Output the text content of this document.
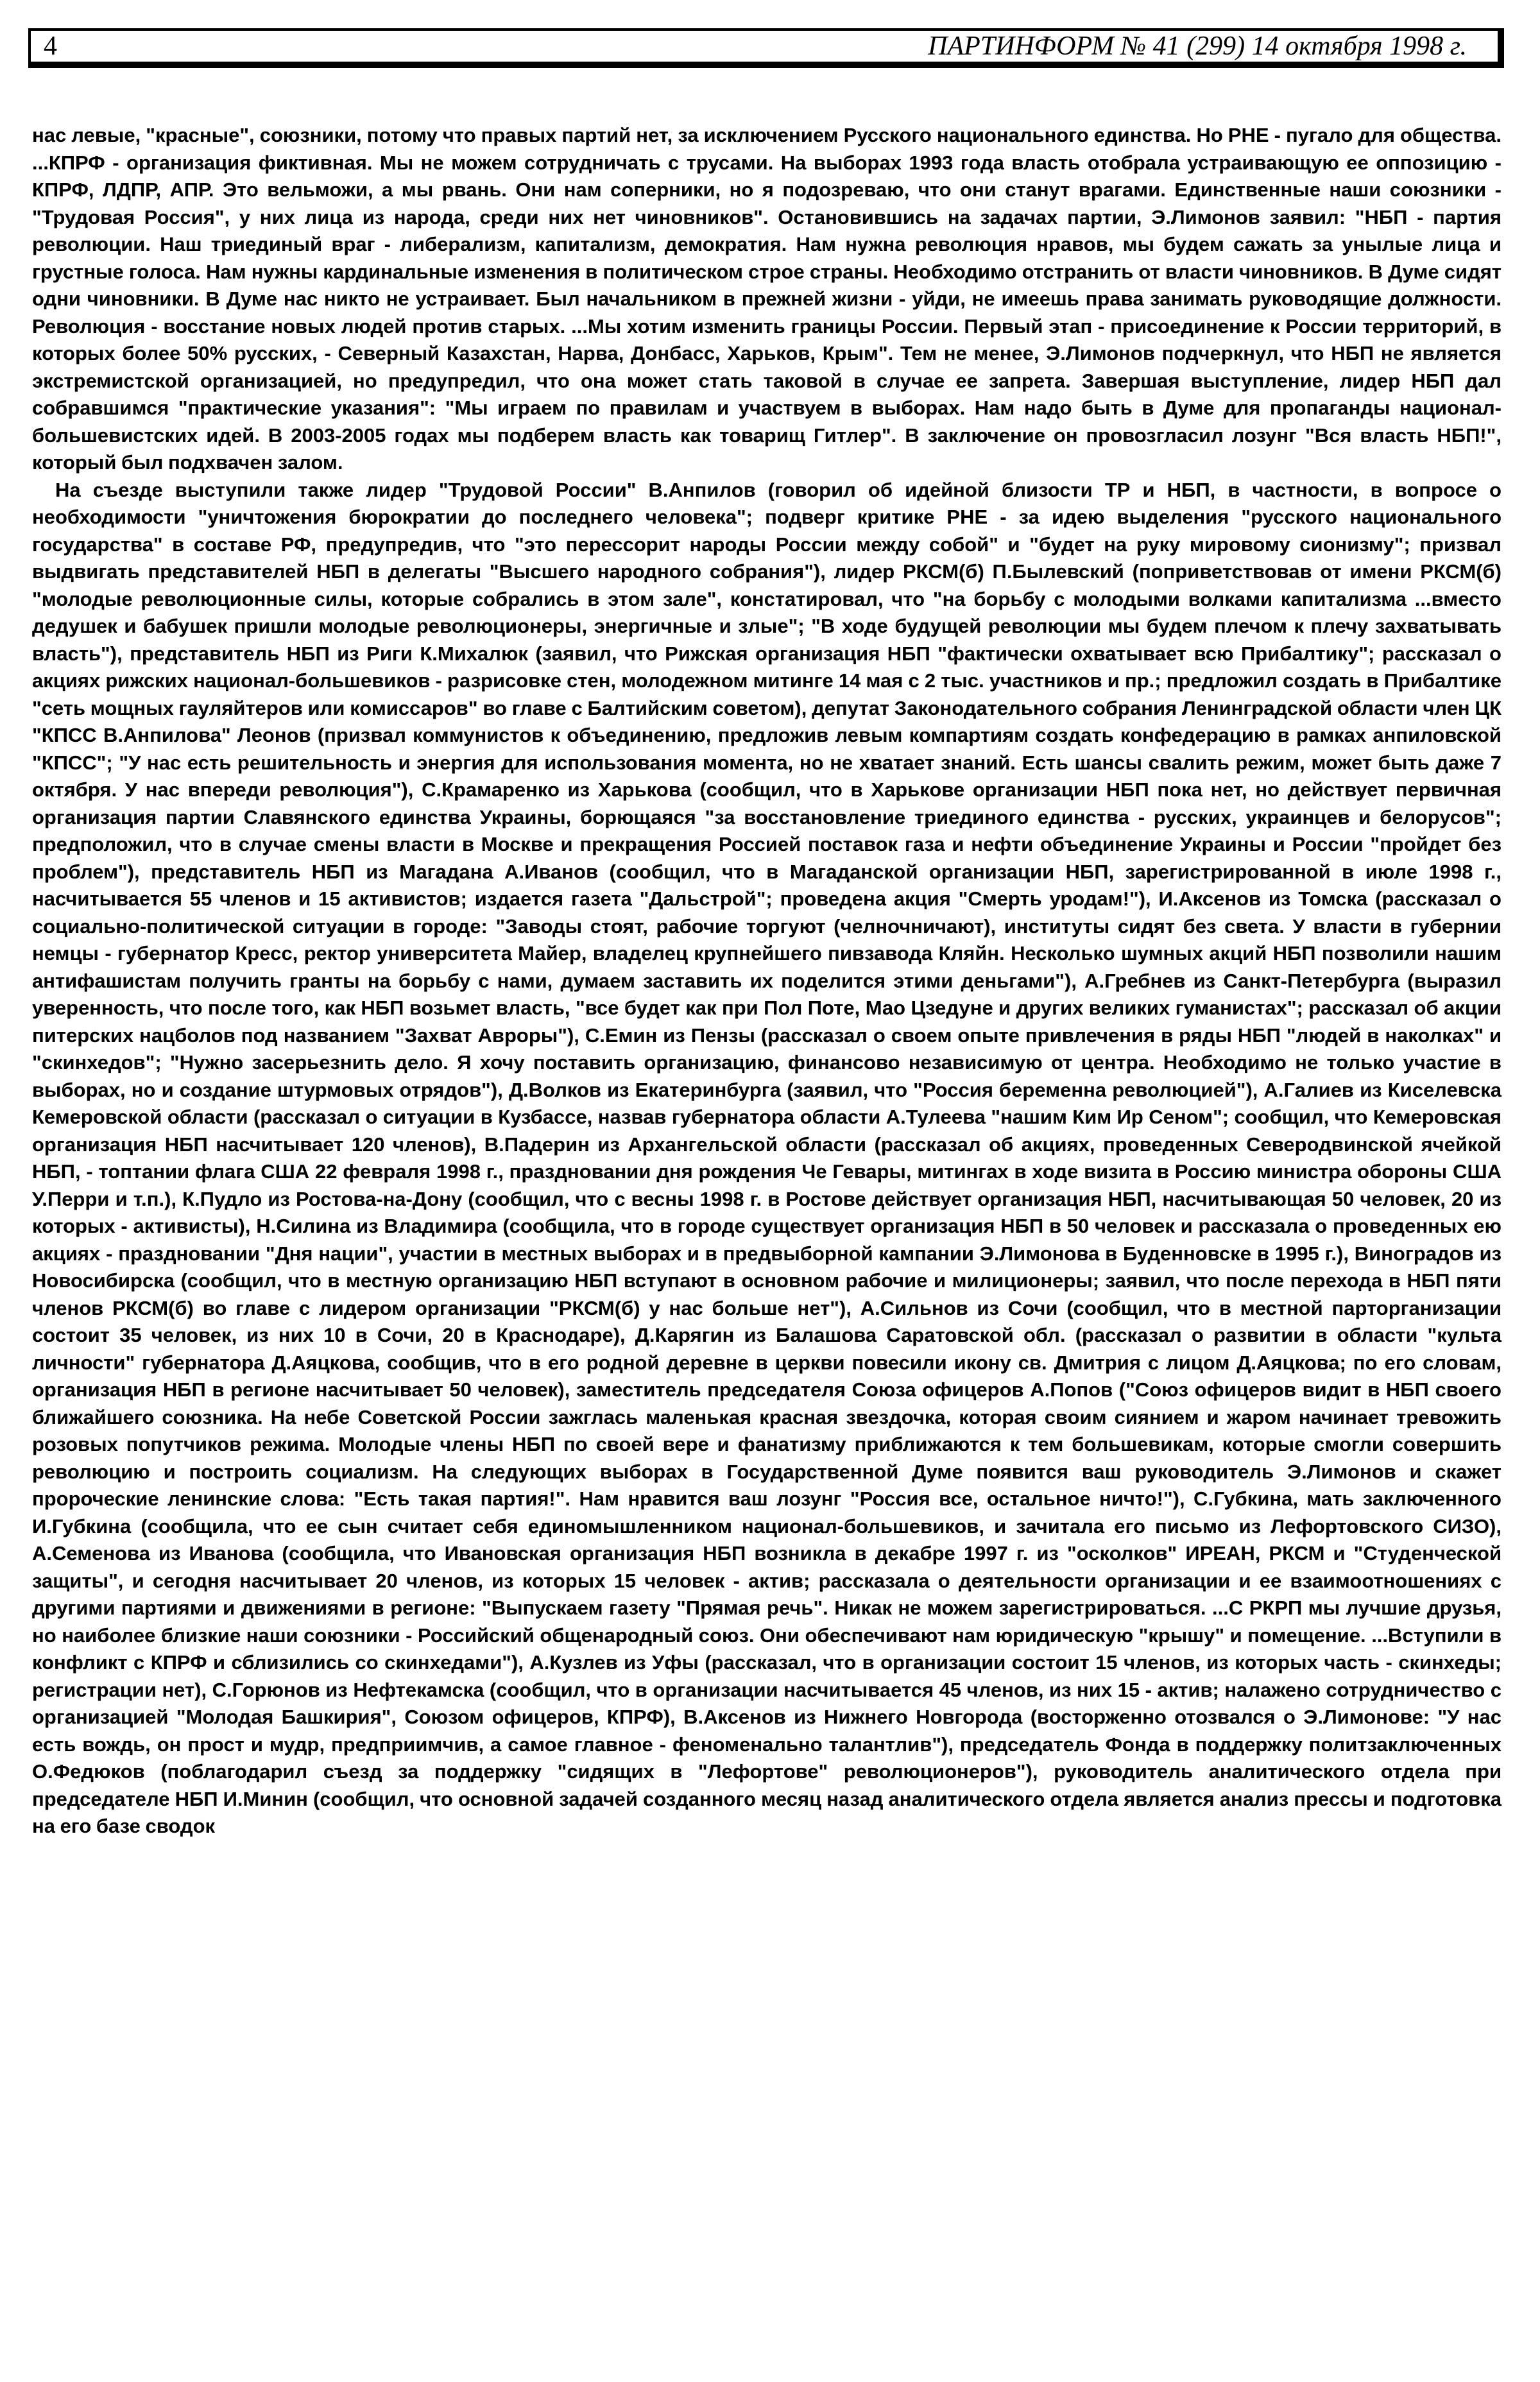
4	ПАРТИНФОРМ № 41 (299) 14 октября 1998 г.

нас левые, "красные", союзники, потому что правых партий нет, за исключением Русского национального единства. Но РНЕ - пугало для общества. ...КПРФ - организация фиктивная. Мы не можем сотрудничать с трусами. На выборах 1993 года власть отобрала устраивающую ее оппозицию - КПРФ, ЛДПР, АПР. Это вельможи, а мы рвань. Они нам соперники, но я подозреваю, что они станут врагами. Единственные наши союзники - "Трудовая Россия", у них лица из народа, среди них нет чиновников". Остановившись на задачах партии, Э.Лимонов заявил: "НБП - партия революции. Наш триединый враг - либерализм, капитализм, демократия. Нам нужна революция нравов, мы будем сажать за унылые лица и грустные голоса. Нам нужны кардинальные изменения в политическом строе страны. Необходимо отстранить от власти чиновников. В Думе сидят одни чиновники. В Думе нас никто не устраивает. Был начальником в прежней жизни - уйди, не имеешь права занимать руководящие должности. Революция - восстание новых людей против старых. ...Мы хотим изменить границы России. Первый этап - присоединение к России территорий, в которых более 50% русских, - Северный Казахстан, Нарва, Донбасс, Харьков, Крым". Тем не менее, Э.Лимонов подчеркнул, что НБП не является экстремистской организацией, но предупредил, что она может стать таковой в случае ее запрета. Завершая выступление, лидер НБП дал собравшимся "практические указания": "Мы играем по правилам и участвуем в выборах. Нам надо быть в Думе для пропаганды национал-большевистских идей. В 2003-2005 годах мы подберем власть как товарищ Гитлер". В заключение он провозгласил лозунг "Вся власть НБП!", который был подхвачен залом.

На съезде выступили также лидер "Трудовой России" В.Анпилов (говорил об идейной близости ТР и НБП, в частности, в вопросе о необходимости "уничтожения бюрократии до последнего человека"; подверг критике РНЕ - за идею выделения "русского национального государства" в составе РФ, предупредив, что "это перессорит народы России между собой" и "будет на руку мировому сионизму"; призвал выдвигать представителей НБП в делегаты "Высшего народного собрания"), лидер РКСМ(б) П.Былевский (поприветствовав от имени РКСМ(б) "молодые революционные силы, которые собрались в этом зале", констатировал, что "на борьбу с молодыми волками капитализма ...вместо дедушек и бабушек пришли молодые революционеры, энергичные и злые"; "В ходе будущей революции мы будем плечом к плечу захватывать власть"), представитель НБП из Риги К.Михалюк (заявил, что Рижская организация НБП "фактически охватывает всю Прибалтику"; рассказал о акциях рижских национал-большевиков - разрисовке стен, молодежном митинге 14 мая с 2 тыс. участников и пр.; предложил создать в Прибалтике "сеть мощных гауляйтеров или комиссаров" во главе с Балтийским советом), депутат Законодательного собрания Ленинградской области член ЦК "КПСС В.Анпилова" Леонов (призвал коммунистов к объединению, предложив левым компартиям создать конфедерацию в рамках анпиловской "КПСС"; "У нас есть решительность и энергия для использования момента, но не хватает знаний. Есть шансы свалить режим, может быть даже 7 октября. У нас впереди революция"), С.Крамаренко из Харькова (сообщил, что в Харькове организации НБП пока нет, но действует первичная организация партии Славянского единства Украины, борющаяся "за восстановление триединого единства - русских, украинцев и белорусов"; предположил, что в случае смены власти в Москве и прекращения Россией поставок газа и нефти объединение Украины и России "пройдет без проблем"), представитель НБП из Магадана А.Иванов (сообщил, что в Магаданской организации НБП, зарегистрированной в июле 1998 г., насчитывается 55 членов и 15 активистов; издается газета "Дальстрой"; проведена акция "Смерть уродам!"), И.Аксенов из Томска (рассказал о социально-политической ситуации в городе: "Заводы стоят, рабочие торгуют (челночничают), институты сидят без света. У власти в губернии немцы - губернатор Кресс, ректор университета Майер, владелец крупнейшего пивзавода Кляйн. Несколько шумных акций НБП позволили нашим антифашистам получить гранты на борьбу с нами, думаем заставить их поделится этими деньгами"), А.Гребнев из Санкт-Петербурга (выразил уверенность, что после того, как НБП возьмет власть, "все будет как при Пол Поте, Мао Цзедуне и других великих гуманистах"; рассказал об акции питерских нацболов под названием "Захват Авроры"), С.Емин из Пензы (рассказал о своем опыте привлечения в ряды НБП "людей в наколках" и "скинхедов"; "Нужно засерьезнить дело. Я хочу поставить организацию, финансово независимую от центра. Необходимо не только участие в выборах, но и создание штурмовых отрядов"), Д.Волков из Екатеринбурга (заявил, что "Россия беременна революцией"), А.Галиев из Киселевска Кемеровской области (рассказал о ситуации в Кузбассе, назвав губернатора области А.Тулеева "нашим Ким Ир Сеном"; сообщил, что Кемеровская организация НБП насчитывает 120 членов), В.Падерин из Архангельской области (рассказал об акциях, проведенных Северодвинской ячейкой НБП, - топтании флага США 22 февраля 1998 г., праздновании дня рождения Че Гевары, митингах в ходе визита в Россию министра обороны США У.Перри и т.п.), К.Пудло из Ростова-на-Дону (сообщил, что с весны 1998 г. в Ростове действует организация НБП, насчитывающая 50 человек, 20 из которых - активисты), Н.Силина из Владимира (сообщила, что в городе существует организация НБП в 50 человек и рассказала о проведенных ею акциях - праздновании "Дня нации", участии в местных выборах и в предвыборной кампании Э.Лимонова в Буденновске в 1995 г.), Виноградов из Новосибирска (сообщил, что в местную организацию НБП вступают в основном рабочие и милиционеры; заявил, что после перехода в НБП пяти членов РКСМ(б) во главе с лидером организации "РКСМ(б) у нас больше нет"), А.Сильнов из Сочи (сообщил, что в местной парторганизации состоит 35 человек, из них 10 в Сочи, 20 в Краснодаре), Д.Карягин из Балашова Саратовской обл. (рассказал о развитии в области "культа личности" губернатора Д.Аяцкова, сообщив, что в его родной деревне в церкви повесили икону св. Дмитрия с лицом Д.Аяцкова; по его словам, организация НБП в регионе насчитывает 50 человек), заместитель председателя Союза офицеров А.Попов ("Союз офицеров видит в НБП своего ближайшего союзника. На небе Советской России зажглась маленькая красная звездочка, которая своим сиянием и жаром начинает тревожить розовых попутчиков режима. Молодые члены НБП по своей вере и фанатизму приближаются к тем большевикам, которые смогли совершить революцию и построить социализм. На следующих выборах в Государственной Думе появится ваш руководитель Э.Лимонов и скажет пророческие ленинские слова: "Есть такая партия!". Нам нравится ваш лозунг "Россия все, остальное ничто!"), С.Губкина, мать заключенного И.Губкина (сообщила, что ее сын считает себя единомышленником национал-большевиков, и зачитала его письмо из Лефортовского СИЗО), А.Семенова из Иванова (сообщила, что Ивановская организация НБП возникла в декабре 1997 г. из "осколков" ИРЕАН, РКСМ и "Студенческой защиты", и сегодня насчитывает 20 членов, из которых 15 человек - актив; рассказала о деятельности организации и ее взаимоотношениях с другими партиями и движениями в регионе: "Выпускаем газету "Прямая речь". Никак не можем зарегистрироваться. ...С РКРП мы лучшие друзья, но наиболее близкие наши союзники - Российский общенародный союз. Они обеспечивают нам юридическую "крышу" и помещение. ...Вступили в конфликт с КПРФ и сблизились со скинхедами"), А.Кузлев из Уфы (рассказал, что в организации состоит 15 членов, из которых часть - скинхеды; регистрации нет), С.Горюнов из Нефтекамска (сообщил, что в организации насчитывается 45 членов, из них 15 - актив; налажено сотрудничество с организацией "Молодая Башкирия", Союзом офицеров, КПРФ), В.Аксенов из Нижнего Новгорода (восторженно отозвался о Э.Лимонове: "У нас есть вождь, он прост и мудр, предприимчив, а самое главное - феноменально талантлив"), председатель Фонда в поддержку политзаключенных О.Федюков (поблагодарил съезд за поддержку "сидящих в "Лефортове" революционеров"), руководитель аналитического отдела при председателе НБП И.Минин (сообщил, что основной задачей созданного месяц назад аналитического отдела является анализ прессы и подготовка на его базе сводок
